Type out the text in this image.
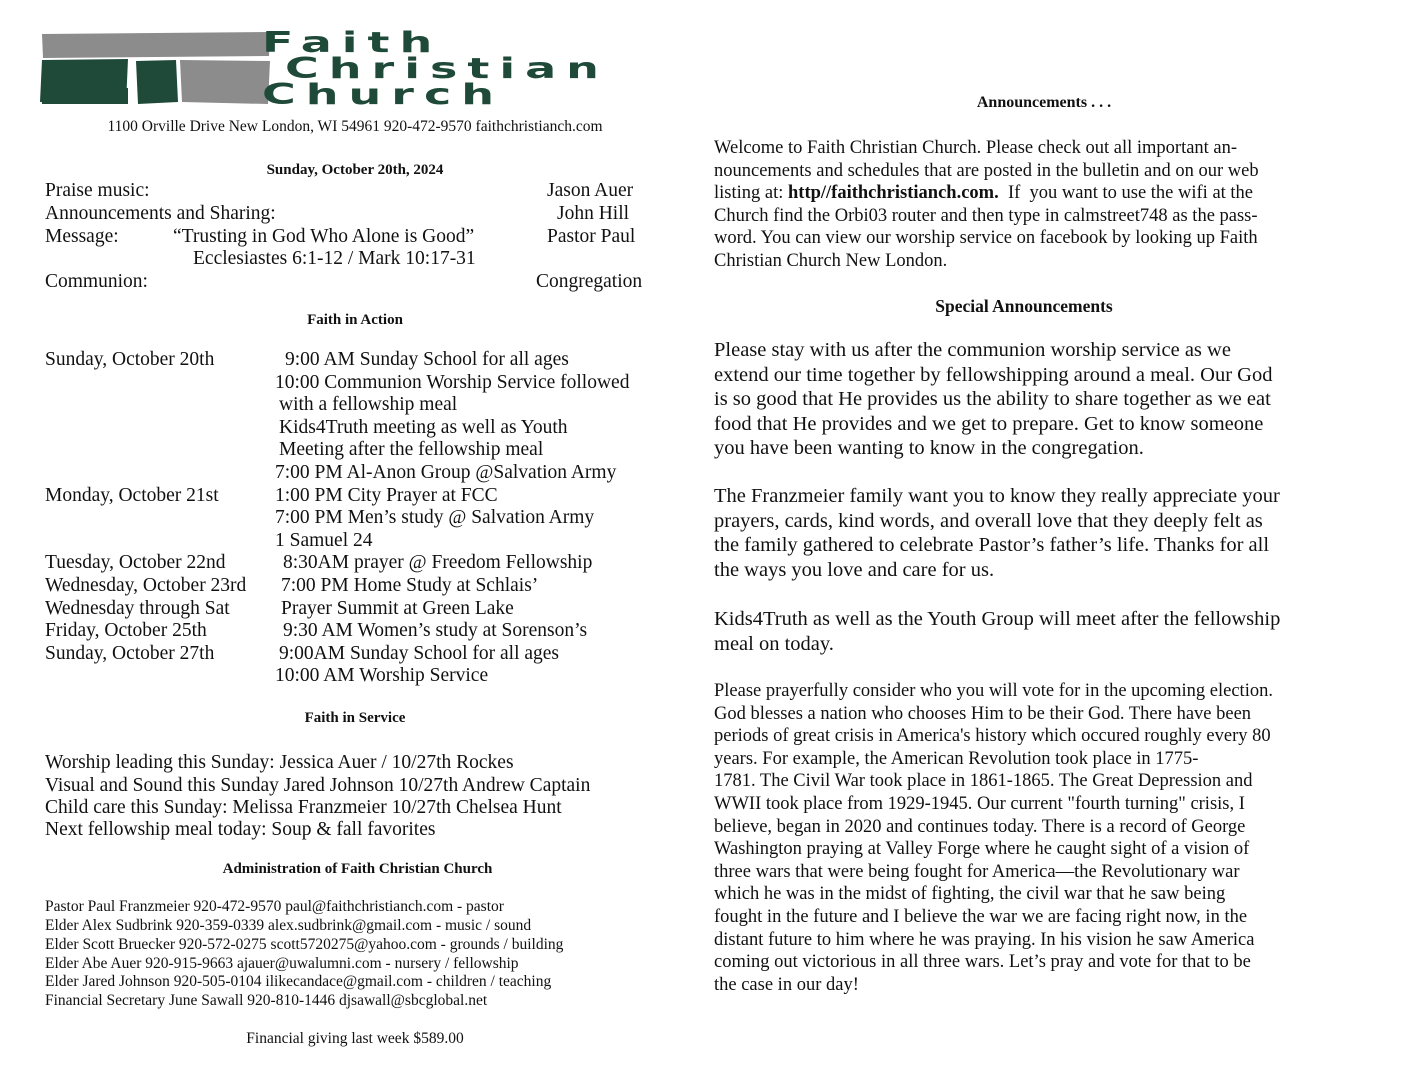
Faith
Christian
Church
1100 Orville Drive New London, WI 54961 920-472-9570 faithchristianch.com
Sunday, October 20th, 2024
Praise music:	Jason Auer
Announcements and Sharing:	John Hill
Message:	“Trusting in God Who Alone is Good”	Pastor Paul
Ecclesiastes 6:1-12 / Mark 10:17-31
Communion:	Congregation
Faith in Action
Sunday, October 20th	9:00 AM Sunday School for all ages
10:00 Communion Worship Service followed
with a fellowship meal
Kids4Truth meeting as well as Youth
Meeting after the fellowship meal
7:00 PM Al-Anon Group @Salvation Army
Monday, October 21st	1:00 PM City Prayer at FCC
7:00 PM Men’s study @ Salvation Army
1 Samuel 24
Tuesday, October 22nd	8:30AM prayer @ Freedom Fellowship
Wednesday, October 23rd 7:00 PM Home Study at Schlais’
Wednesday through Sat	Prayer Summit at Green Lake
Friday, October 25th	9:30 AM Women’s study at Sorenson’s
Sunday, October 27th	9:00AM Sunday School for all ages
10:00 AM Worship Service
Faith in Service
Worship leading this Sunday: Jessica Auer / 10/27th Rockes
Visual and Sound this Sunday Jared Johnson 10/27th Andrew Captain
Child care this Sunday: Melissa Franzmeier 10/27th Chelsea Hunt
Next fellowship meal today: Soup & fall favorites
Administration of Faith Christian Church
Pastor Paul Franzmeier 920-472-9570 paul@faithchristianch.com - pastor
Elder Alex Sudbrink 920-359-0339 alex.sudbrink@gmail.com - music / sound
Elder Scott Bruecker 920-572-0275 scott5720275@yahoo.com - grounds / building
Elder Abe Auer 920-915-9663 ajauer@uwalumni.com - nursery / fellowship
Elder Jared Johnson 920-505-0104 ilikecandace@gmail.com - children / teaching
Financial Secretary June Sawall 920-810-1446 djsawall@sbcglobal.net
Financial giving last week $589.00
Announcements . . .
Welcome to Faith Christian Church. Please check out all important an-
nouncements and schedules that are posted in the bulletin and on our web
listing at: http//faithchristianch.com.  If  you want to use the wifi at the
Church find the Orbi03 router and then type in calmstreet748 as the pass-
word. You can view our worship service on facebook by looking up Faith
Christian Church New London.
Special Announcements
Please stay with us after the communion worship service as we
extend our time together by fellowshipping around a meal. Our God
is so good that He provides us the ability to share together as we eat
food that He provides and we get to prepare. Get to know someone
you have been wanting to know in the congregation.
The Franzmeier family want you to know they really appreciate your
prayers, cards, kind words, and overall love that they deeply felt as
the family gathered to celebrate Pastor’s father’s life. Thanks for all
the ways you love and care for us.
Kids4Truth as well as the Youth Group will meet after the fellowship
meal on today.
Please prayerfully consider who you will vote for in the upcoming election.
God blesses a nation who chooses Him to be their God. There have been
periods of great crisis in America's history which occured roughly every 80
years. For example, the American Revolution took place in 1775-
1781. The Civil War took place in 1861-1865. The Great Depression and
WWII took place from 1929-1945. Our current "fourth turning" crisis, I
believe, began in 2020 and continues today. There is a record of George
Washington praying at Valley Forge where he caught sight of a vision of
three wars that were being fought for America—the Revolutionary war
which he was in the midst of fighting, the civil war that he saw being
fought in the future and I believe the war we are facing right now, in the
distant future to him where he was praying. In his vision he saw America
coming out victorious in all three wars. Let’s pray and vote for that to be
the case in our day!
